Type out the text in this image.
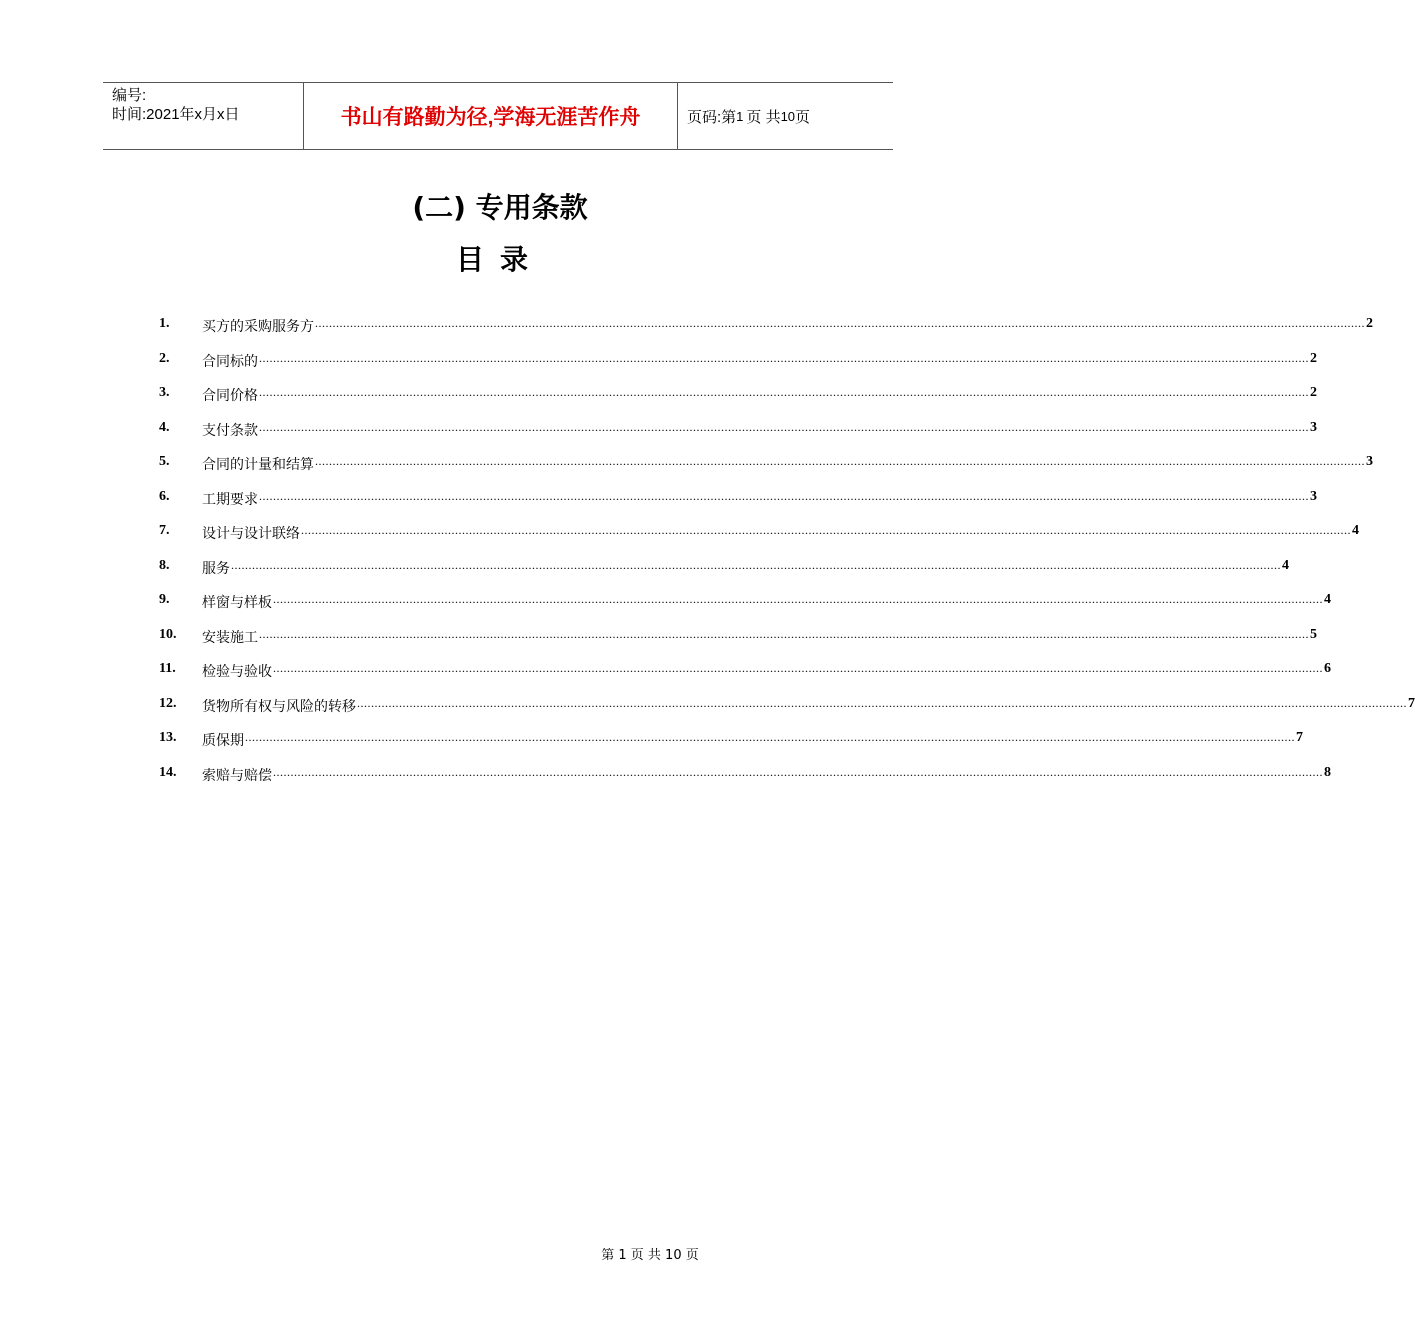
编号:
时间:2021年x月x日	书山有路勤为径,学海无涯苦作舟	页码:第 1 页 共 10 页
(二) 专用条款
目录
1.	买方的采购服务方 ............................................................................................................................................................................................................................................................................................................ 2
2.	合同标的 ............................................................................................................................................................................................................................................................................................................ 2
3.	合同价格 ............................................................................................................................................................................................................................................................................................................ 2
4.	支付条款 ............................................................................................................................................................................................................................................................................................................ 3
5.	合同的计量和结算 ............................................................................................................................................................................................................................................................................................................ 3
6.	工期要求 ............................................................................................................................................................................................................................................................................................................ 3
7.	设计与设计联络 ............................................................................................................................................................................................................................................................................................................ 4
8.	服务 ............................................................................................................................................................................................................................................................................................................ 4
9.	样窗与样板 ............................................................................................................................................................................................................................................................................................................ 4
10.	安装施工 ............................................................................................................................................................................................................................................................................................................ 5
11.	检验与验收 ............................................................................................................................................................................................................................................................................................................ 6
12.	货物所有权与风险的转移 ............................................................................................................................................................................................................................................................................................................ 7
13.	质保期 ............................................................................................................................................................................................................................................................................................................ 7
14.	索赔与赔偿 ............................................................................................................................................................................................................................................................................................................ 8
第 1 页 共 10 页
